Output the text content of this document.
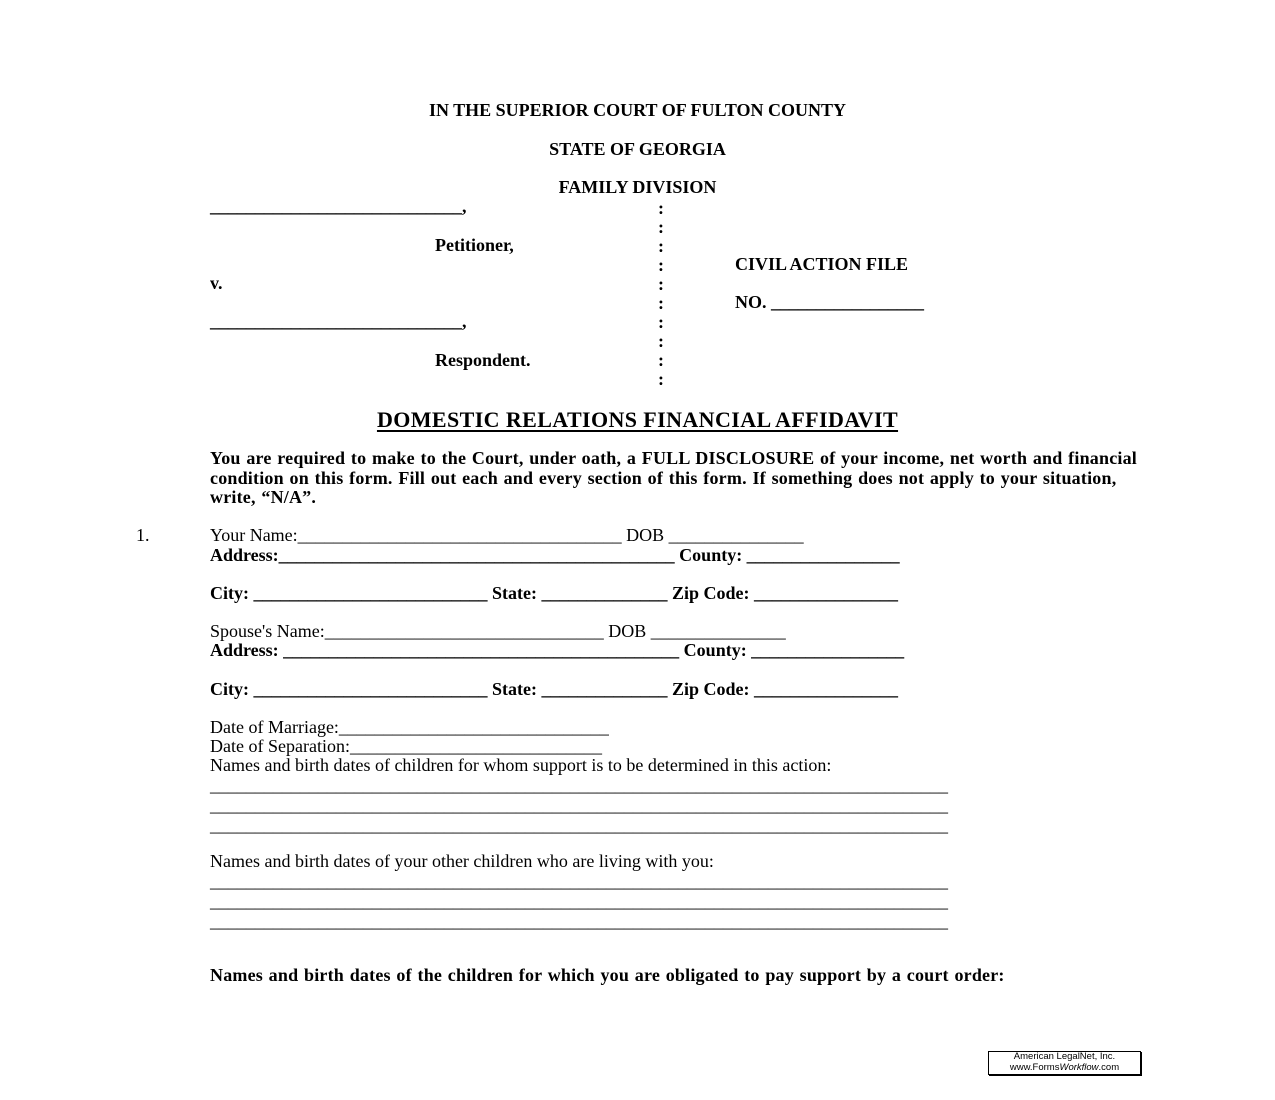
IN THE SUPERIOR COURT OF FULTON COUNTY
STATE OF GEORGIA
FAMILY DIVISION
____________________________,
Petitioner,
v.
____________________________,
Respondent.
:
:
:
:
:
:
:
:
:
:
CIVIL ACTION FILE
NO. _________________
DOMESTIC RELATIONS FINANCIAL AFFIDAVIT
You are required to make to the Court, under oath, a FULL DISCLOSURE of your income, net worth and financial condition on this form. Fill out each and every section of this form. If something does not apply to your situation, write, “N/A”.
1.	Your Name:____________________________________ DOB _______________
Address:____________________________________________ County: _________________
City: __________________________ State: ______________ Zip Code: ________________
Spouse's Name:_______________________________ DOB _______________
Address: ____________________________________________ County: _________________
City: __________________________ State: ______________ Zip Code: ________________
Date of Marriage:______________________________
Date of Separation:____________________________
Names and birth dates of children for whom support is to be determined in this action:
__________________________________________________________________________________
__________________________________________________________________________________
__________________________________________________________________________________
Names and birth dates of your other children who are living with you:
__________________________________________________________________________________
__________________________________________________________________________________
__________________________________________________________________________________
Names and birth dates of the children for which you are obligated to pay support by a court order:
American LegalNet, Inc.
www.FormsWorkflow.com
